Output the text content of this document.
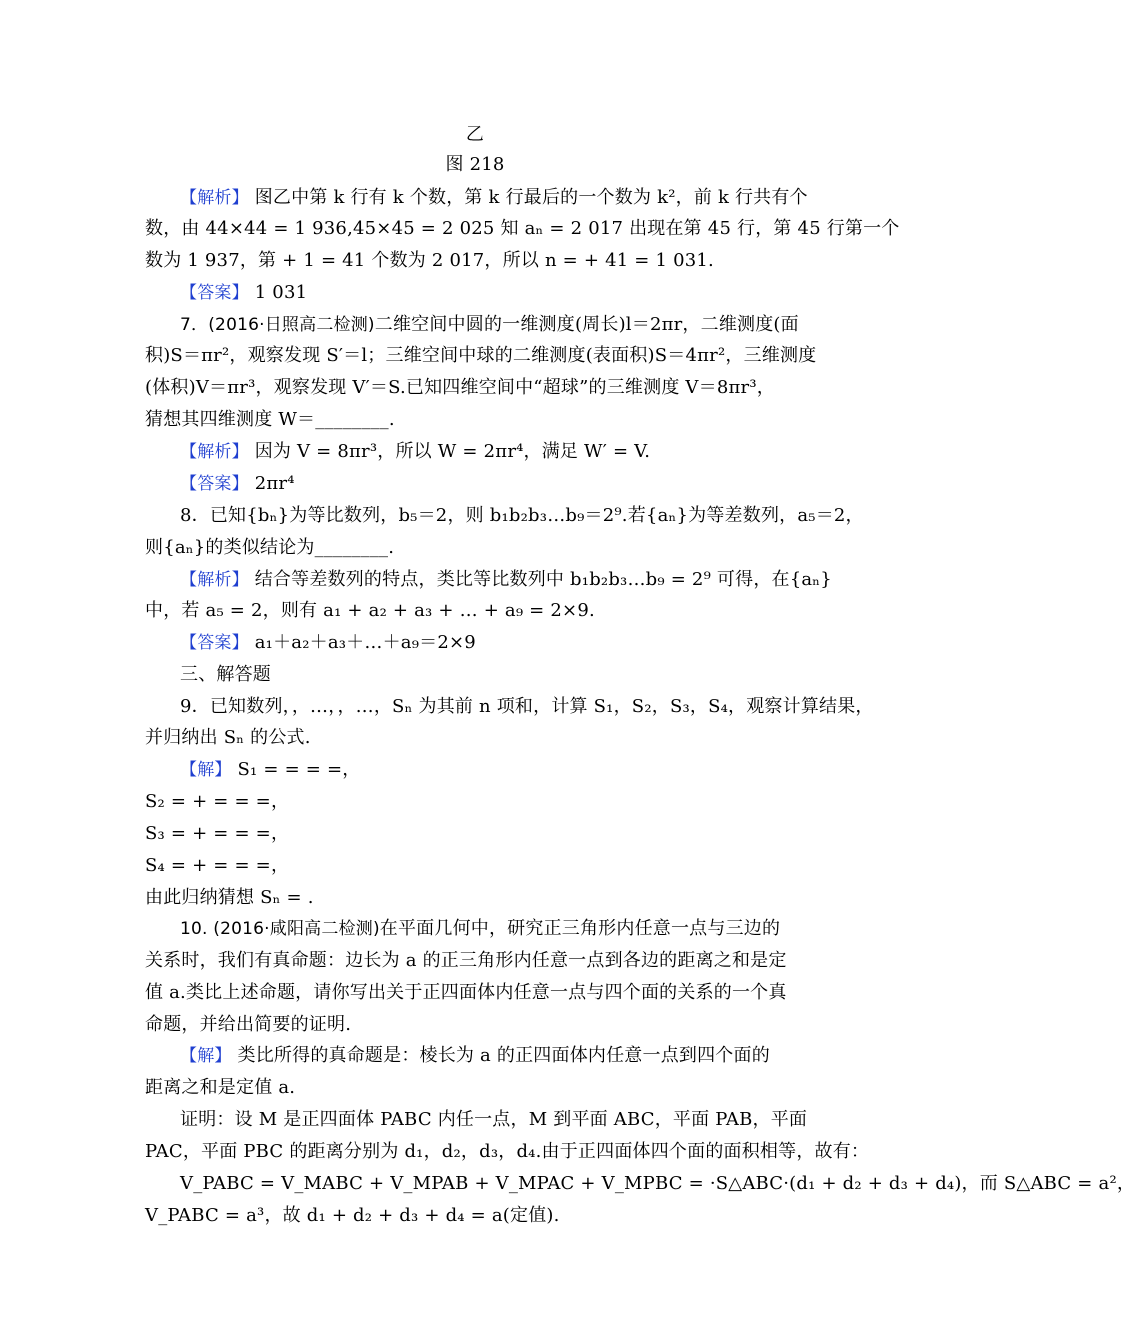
乙
图 218
【解析】 图乙中第 k 行有 k 个数，第 k 行最后的一个数为 k²，前 k 行共有个
数，由 44×44 = 1 936,45×45 = 2 025 知 aₙ = 2 017 出现在第 45 行，第 45 行第一个
数为 1 937，第 + 1 = 41 个数为 2 017，所以 n = + 41 = 1 031.
【答案】 1 031
7．(2016·日照高二检测)二维空间中圆的一维测度(周长)l＝2πr，二维测度(面
积)S＝πr²，观察发现 S′＝l；三维空间中球的二维测度(表面积)S＝4πr²，三维测度
(体积)V＝πr³，观察发现 V′＝S.已知四维空间中“超球”的三维测度 V＝8πr³，
猜想其四维测度 W＝________.
【解析】 因为 V = 8πr³，所以 W = 2πr⁴，满足 W′ = V.
【答案】 2πr⁴
8．已知{bₙ}为等比数列，b₅＝2，则 b₁b₂b₃…b₉＝2⁹.若{aₙ}为等差数列，a₅＝2，
则{aₙ}的类似结论为________.
【解析】 结合等差数列的特点，类比等比数列中 b₁b₂b₃…b₉ = 2⁹ 可得，在{aₙ}
中，若 a₅ = 2，则有 a₁ + a₂ + a₃ + … + a₉ = 2×9.
【答案】 a₁＋a₂＋a₃＋…＋a₉＝2×9
三、解答题
9．已知数列，，…，，…，Sₙ 为其前 n 项和，计算 S₁，S₂，S₃，S₄，观察计算结果，
并归纳出 Sₙ 的公式.
【解】 S₁ = = = =，
S₂ = + = = =，
S₃ = + = = =，
S₄ = + = = =，
由此归纳猜想 Sₙ = .
10. (2016·咸阳高二检测)在平面几何中，研究正三角形内任意一点与三边的
关系时，我们有真命题：边长为 a 的正三角形内任意一点到各边的距离之和是定
值 a.类比上述命题，请你写出关于正四面体内任意一点与四个面的关系的一个真
命题，并给出简要的证明.
【解】 类比所得的真命题是：棱长为 a 的正四面体内任意一点到四个面的
距离之和是定值 a.
证明：设 M 是正四面体 PABC 内任一点，M 到平面 ABC，平面 PAB，平面
PAC，平面 PBC 的距离分别为 d₁，d₂，d₃，d₄.由于正四面体四个面的面积相等，故有：
V_PABC = V_MABC + V_MPAB + V_MPAC + V_MPBC = ·S△ABC·(d₁ + d₂ + d₃ + d₄)，而 S△ABC = a²，
V_PABC = a³，故 d₁ + d₂ + d₃ + d₄ = a(定值).
